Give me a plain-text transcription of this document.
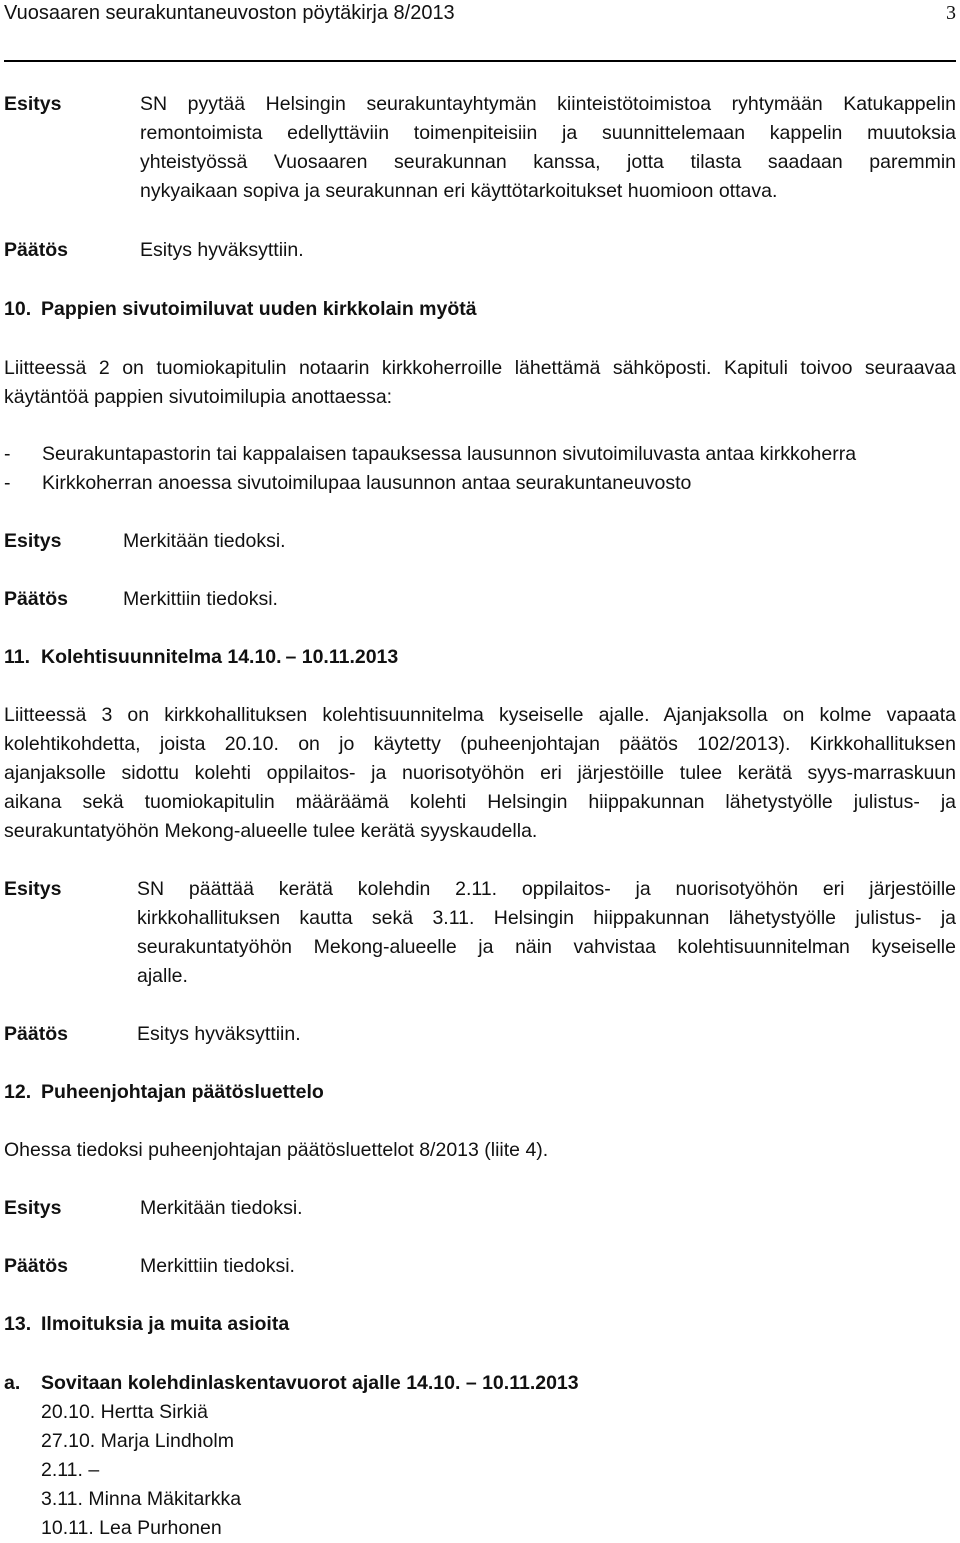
Vuosaaren seurakuntaneuvoston pöytäkirja 8/2013	3
Esitys	SN pyytää Helsingin seurakuntayhtymän kiinteistötoimistoa ryhtymään Katukappelin
remontoimista edellyttäviin toimenpiteisiin ja suunnittelemaan kappelin muutoksia
yhteistyössä Vuosaaren seurakunnan kanssa, jotta tilasta saadaan paremmin
nykyaikaan sopiva ja seurakunnan eri käyttötarkoitukset huomioon ottava.
Päätös	Esitys hyväksyttiin.
10. Pappien sivutoimiluvat uuden kirkkolain myötä
Liitteessä 2 on tuomiokapitulin notaarin kirkkoherroille lähettämä sähköposti. Kapituli toivoo seuraavaa
käytäntöä pappien sivutoimilupia anottaessa:
- Seurakuntapastorin tai kappalaisen tapauksessa lausunnon sivutoimiluvasta antaa kirkkoherra
- Kirkkoherran anoessa sivutoimilupaa lausunnon antaa seurakuntaneuvosto
Esitys	Merkitään tiedoksi.
Päätös	Merkittiin tiedoksi.
11. Kolehtisuunnitelma 14.10. – 10.11.2013
Liitteessä 3 on kirkkohallituksen kolehtisuunnitelma kyseiselle ajalle. Ajanjaksolla on kolme vapaata
kolehtikohdetta, joista 20.10. on jo käytetty (puheenjohtajan päätös 102/2013). Kirkkohallituksen
ajanjaksolle sidottu kolehti oppilaitos- ja nuorisotyöhön eri järjestöille tulee kerätä syys-marraskuun
aikana sekä tuomiokapitulin määräämä kolehti Helsingin hiippakunnan lähetystyölle julistus- ja
seurakuntatyöhön Mekong-alueelle tulee kerätä syyskaudella.
Esitys	SN päättää kerätä kolehdin 2.11. oppilaitos- ja nuorisotyöhön eri järjestöille
kirkkohallituksen kautta sekä 3.11. Helsingin hiippakunnan lähetystyölle julistus- ja
seurakuntatyöhön Mekong-alueelle ja näin vahvistaa kolehtisuunnitelman kyseiselle
ajalle.
Päätös	Esitys hyväksyttiin.
12. Puheenjohtajan päätösluettelo
Ohessa tiedoksi puheenjohtajan päätösluettelot 8/2013 (liite 4).
Esitys	Merkitään tiedoksi.
Päätös	Merkittiin tiedoksi.
13. Ilmoituksia ja muita asioita
a. Sovitaan kolehdinlaskentavuorot ajalle 14.10. – 10.11.2013
20.10. Hertta Sirkiä
27.10. Marja Lindholm
2.11. –
3.11. Minna Mäkitarkka
10.11. Lea Purhonen
